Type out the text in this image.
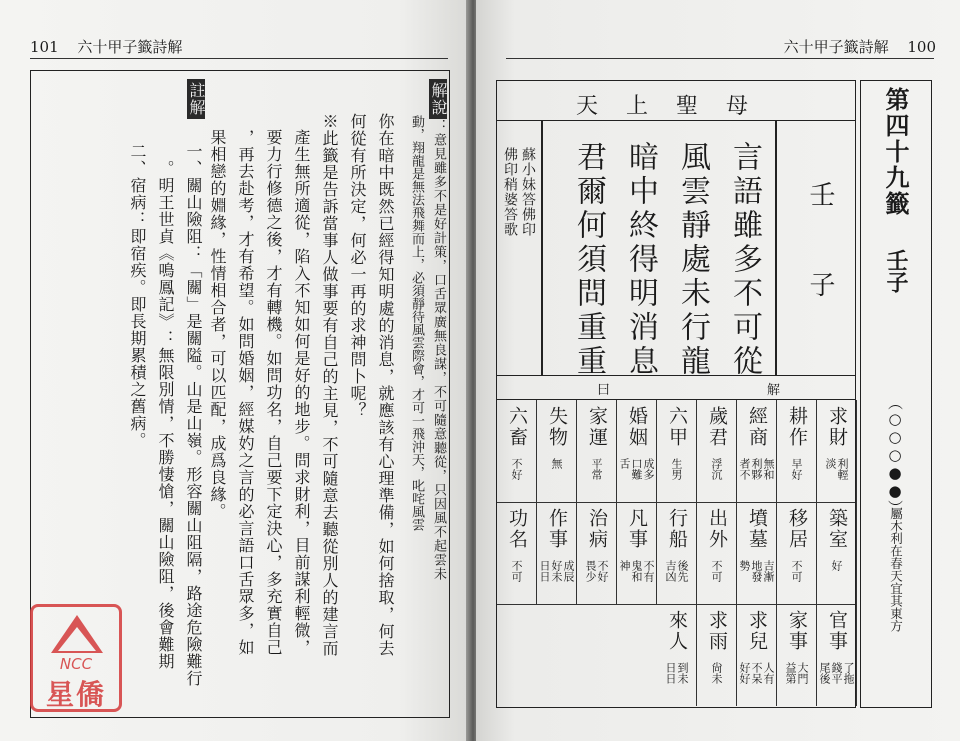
101 六十甲子籤詩解
解說：意見雖多不是好計策，口舌眾廣無良謀，不可隨意聽從，只因風不起雲未
動，翔龍是無法飛舞而上，必須靜待風雲際會，才可一飛沖天，叱咤風雲
你在暗中既然已經得知明處的消息，就應該有心理準備，如何捨取，何去
何從有所決定，何必一再的求神問卜呢？
※此籤是告訴當事人做事要有自己的主見，不可隨意去聽從別人的建言而
產生無所適從，陷入不知如何是好的地步。問求財利，目前謀利輕微，
要力行修德之後，才有轉機。如問功名，自己要下定決心，多充實自己
，再去赴考，才有希望。如問婚姻，經媒妁之言的必言語口舌眾多，如
果相戀的婣緣，性情相合者，可以匹配，成爲良緣。
註解
一、關山險阻：「關」是關隘。山是山嶺。形容關山阻隔，路途危險難行
　。明王世貞《鳴鳳記》：無限別情，不勝悽愴，關山險阻，後會難期
二、宿病：即宿疾。即長期累積之舊病。
NCC
星僑
六十甲子籤詩解 100
天上聖母
壬
子
言語雖多不可從
風雲靜處未行龍
暗中終得明消息
君爾何須問重重
蘇小妹答佛印
佛印稍婆答歌
解
曰
求財
利輕
淡
耕作
早好
經商
無和
利夥
者不
歲君
浮沉
六甲
生男
婚姻
成多
口難
舌
家運
平常
失物
無
六畜
不好
築室
好
移居
不可
墳墓
吉漸
地發
勢
出外
不可
行船
後先
吉凶
凡事
不有
鬼和
神
治病
不好
畏少
作事
成辰
好未
日日
功名
不可
官事
了拖
錢平
尾後
家事
大門
益第
求兒
人有
不呆
好好
求雨
尙未
來人
到未
日日
第四十九籤
壬子
（○○○●●）
屬木利在春天宜其東方
